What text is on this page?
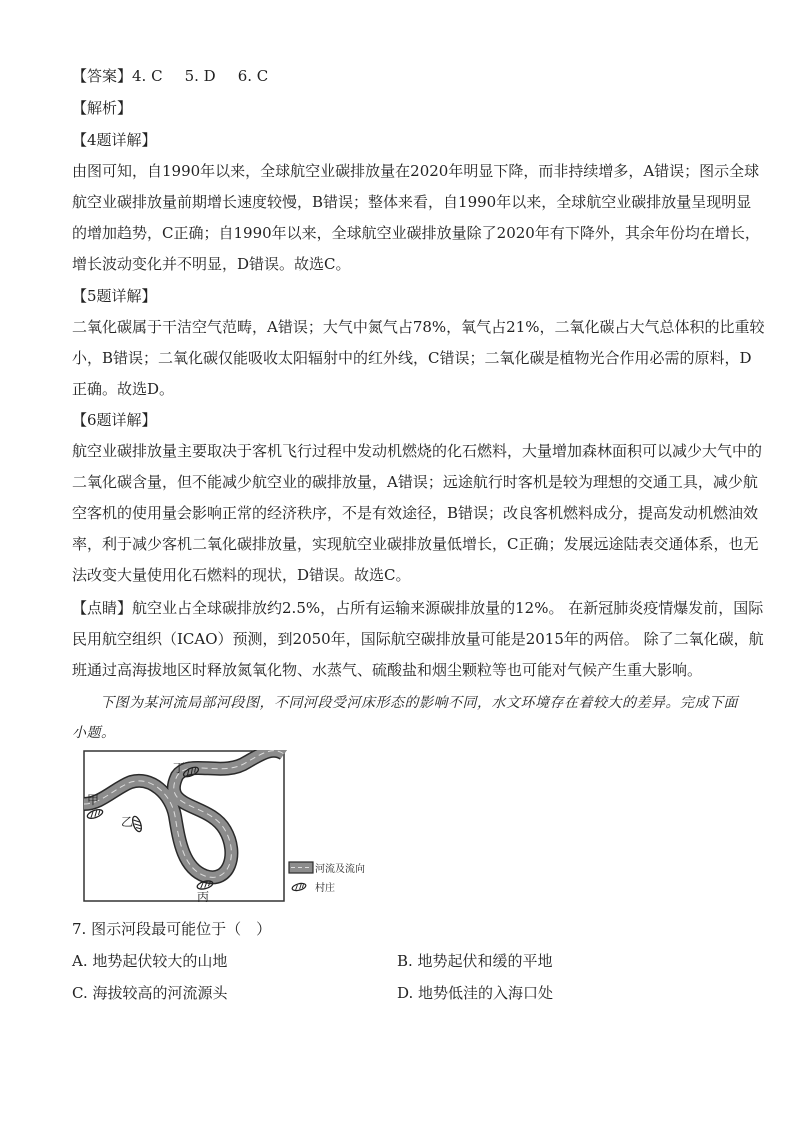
【答案】4. C 5. D 6. C
【解析】
【4题详解】
由图可知，自1990年以来，全球航空业碳排放量在2020年明显下降，而非持续增多，A错误；图示全球
航空业碳排放量前期增长速度较慢，B错误；整体来看，自1990年以来，全球航空业碳排放量呈现明显
的增加趋势，C正确；自1990年以来，全球航空业碳排放量除了2020年有下降外，其余年份均在增长，
增长波动变化并不明显，D错误。故选C。
【5题详解】
二氧化碳属于干洁空气范畴，A错误；大气中氮气占78%，氧气占21%，二氧化碳占大气总体积的比重较
小，B错误；二氧化碳仅能吸收太阳辐射中的红外线，C错误；二氧化碳是植物光合作用必需的原料，D
正确。故选D。
【6题详解】
航空业碳排放量主要取决于客机飞行过程中发动机燃烧的化石燃料，大量增加森林面积可以减少大气中的
二氧化碳含量，但不能减少航空业的碳排放量，A错误；远途航行时客机是较为理想的交通工具，减少航
空客机的使用量会影响正常的经济秩序，不是有效途径，B错误；改良客机燃料成分，提高发动机燃油效
率，利于减少客机二氧化碳排放量，实现航空业碳排放量低增长，C正确；发展远途陆表交通体系，也无
法改变大量使用化石燃料的现状，D错误。故选C。
【点睛】航空业占全球碳排放约2.5%，占所有运输来源碳排放量的12%。 在新冠肺炎疫情爆发前，国际
民用航空组织（ICAO）预测，到2050年，国际航空碳排放量可能是2015年的两倍。 除了二氧化碳，航
班通过高海拔地区时释放氮氧化物、水蒸气、硫酸盐和烟尘颗粒等也可能对气候产生重大影响。
下图为某河流局部河段图，不同河段受河床形态的影响不同，水文环境存在着较大的差异。完成下面
小题。
丁
甲
乙
丙
河流及流向
村庄
7. 图示河段最可能位于（　）
A. 地势起伏较大的山地	B. 地势起伏和缓的平地
C. 海拔较高的河流源头	D. 地势低洼的入海口处
